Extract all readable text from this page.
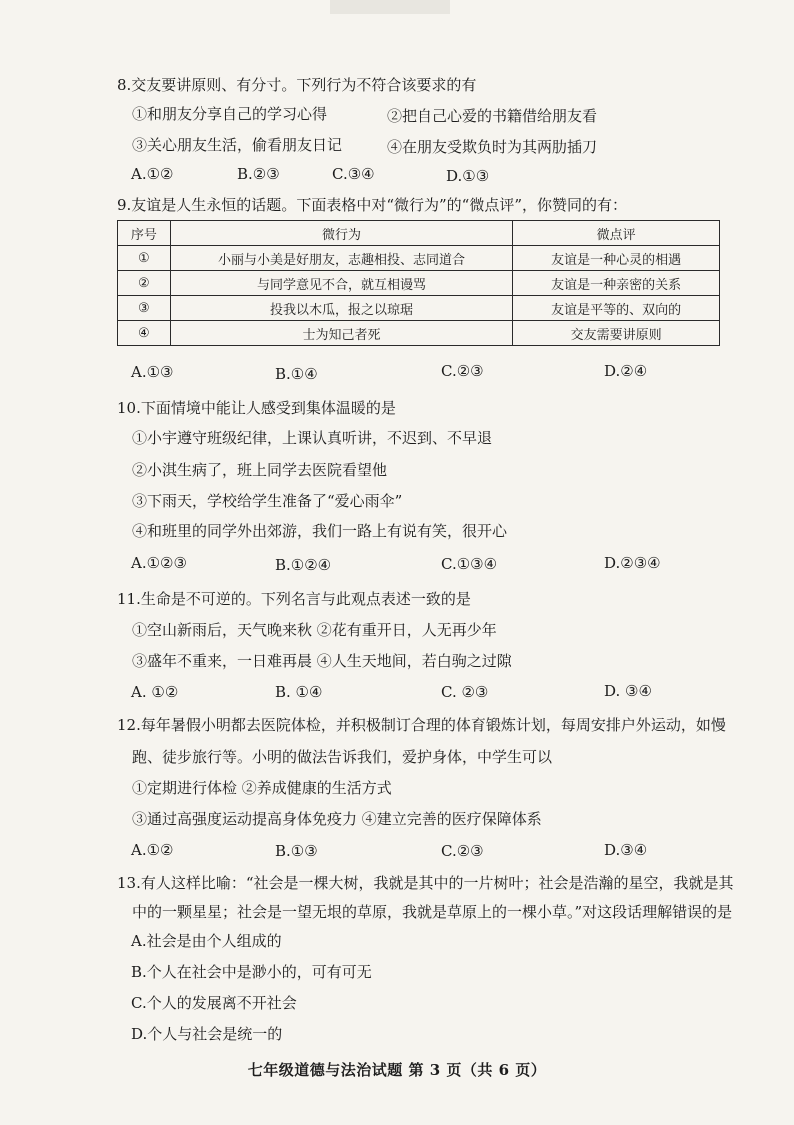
8.交友要讲原则、有分寸。下列行为不符合该要求的有
①和朋友分享自己的学习心得	②把自己心爱的书籍借给朋友看
③关心朋友生活，偷看朋友日记	④在朋友受欺负时为其两肋插刀
A.①②	B.②③	C.③④	D.①③
9.友谊是人生永恒的话题。下面表格中对“微行为”的“微点评”，你赞同的有：
序号	微行为	微点评
①	小丽与小美是好朋友，志趣相投、志同道合	友谊是一种心灵的相遇
②	与同学意见不合，就互相谩骂	友谊是一种亲密的关系
③	投我以木瓜，报之以琼琚	友谊是平等的、双向的
④	士为知己者死	交友需要讲原则
A.①③	B.①④	C.②③	D.②④
10.下面情境中能让人感受到集体温暖的是
①小宇遵守班级纪律，上课认真听讲，不迟到、不早退
②小淇生病了，班上同学去医院看望他
③下雨天，学校给学生准备了“爱心雨伞”
④和班里的同学外出郊游，我们一路上有说有笑，很开心
A.①②③	B.①②④	C.①③④	D.②③④
11.生命是不可逆的。下列名言与此观点表述一致的是
①空山新雨后，天气晚来秋 ②花有重开日，人无再少年
③盛年不重来，一日难再晨 ④人生天地间，若白驹之过隙
A. ①②	B. ①④	C. ②③	D. ③④
12.每年暑假小明都去医院体检，并积极制订合理的体育锻炼计划，每周安排户外运动，如慢
跑、徒步旅行等。小明的做法告诉我们，爱护身体，中学生可以
①定期进行体检 ②养成健康的生活方式
③通过高强度运动提高身体免疫力 ④建立完善的医疗保障体系
A.①②	B.①③	C.②③	D.③④
13.有人这样比喻：“社会是一棵大树，我就是其中的一片树叶；社会是浩瀚的星空，我就是其
中的一颗星星；社会是一望无垠的草原，我就是草原上的一棵小草。”对这段话理解错误的是
A.社会是由个人组成的
B.个人在社会中是渺小的，可有可无
C.个人的发展离不开社会
D.个人与社会是统一的
七年级道德与法治试题 第 3 页（共 6 页）
